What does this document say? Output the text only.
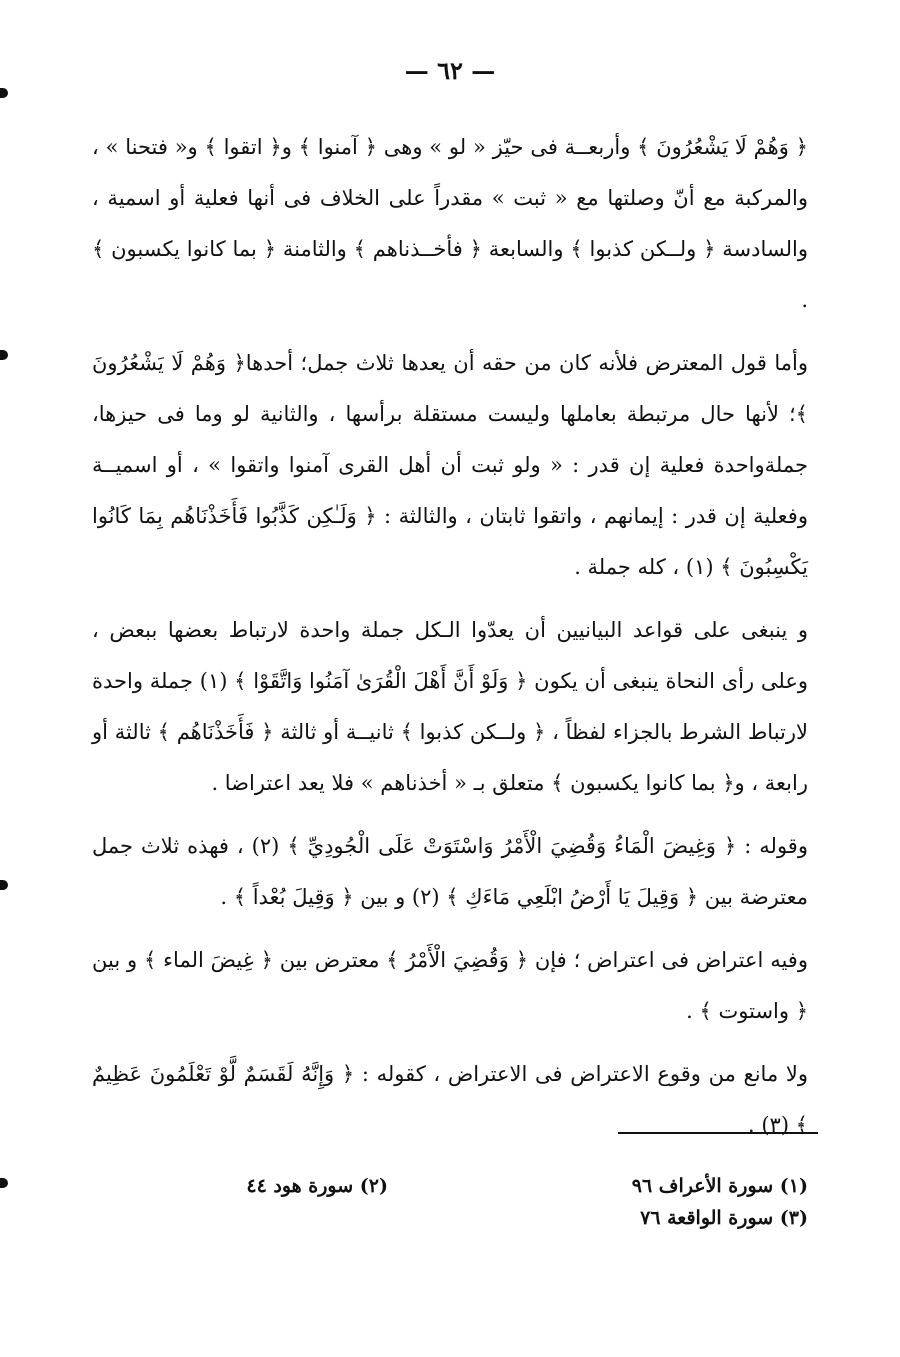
— ٦٢ —

﴿ وَهُمْ لَا يَشْعُرُونَ ﴾ وأربعــة فى حيّز « لو » وهى ﴿ آمنوا ﴾ و﴿ اتقوا ﴾ و« فتحنا » ، والمركبة مع أنّ وصلتها مع « ثبت » مقدراً على الخلاف فى أنها فعلية أو اسمية ، والسادسة ﴿ ولــكن كذبوا ﴾ والسابعة ﴿ فأخــذناهم ﴾ والثامنة ﴿ بما كانوا يكسبون ﴾ .

وأما قول المعترض فلأنه كان من حقه أن يعدها ثلاث جمل؛ أحدها﴿ وَهُمْ لَا يَشْعُرُونَ ﴾؛ لأنها حال مرتبطة بعاملها وليست مستقلة برأسها ، والثانية لو وما فى حيزها، جملةواحدة فعلية إن قدر : « ولو ثبت أن أهل القرى آمنوا واتقوا » ، أو اسميــة وفعلية إن قدر : إيمانهم ، واتقوا ثابتان ، والثالثة : ﴿ وَلَـٰكِن كَذَّبُوا فَأَخَذْنَاهُم بِمَا كَانُوا يَكْسِبُونَ ﴾ (١) ، كله جملة .

و ينبغى على قواعد البيانيين أن يعدّوا الـكل جملة واحدة لارتباط بعضها ببعض ، وعلى رأى النحاة ينبغى أن يكون ﴿ وَلَوْ أَنَّ أَهْلَ الْقُرَىٰ آمَنُوا وَاتَّقَوْا ﴾ (١) جملة واحدة لارتباط الشرط بالجزاء لفظاً ، ﴿ ولــكن كذبوا ﴾ ثانيــة أو ثالثة ﴿ فَأَخَذْنَاهُم ﴾ ثالثة أو رابعة ، و﴿ بما كانوا يكسبون ﴾ متعلق بـ « أخذناهم » فلا يعد اعتراضا .

وقوله : ﴿ وَغِيضَ الْمَاءُ وَقُضِيَ الْأَمْرُ وَاسْتَوَتْ عَلَى الْجُودِيِّ ﴾ (٢) ، فهذه ثلاث جمل معترضة بين ﴿ وَقِيلَ يَا أَرْضُ ابْلَعِي مَاءَكِ ﴾ (٢) و بين ﴿ وَقِيلَ بُعْداً ﴾ .

وفيه اعتراض فى اعتراض ؛ فإن ﴿ وَقُضِيَ الْأَمْرُ ﴾ معترض بين ﴿ غِيضَ الماء ﴾ و بين ﴿ واستوت ﴾ .

ولا مانع من وقوع الاعتراض فى الاعتراض ، كقوله : ﴿ وَإِنَّهُ لَقَسَمٌ لَّوْ تَعْلَمُونَ عَظِيمٌ ﴾ (٣) .

(١) سورة الأعراف ٩٦
(٢) سورة هود ٤٤
(٣) سورة الواقعة ٧٦
